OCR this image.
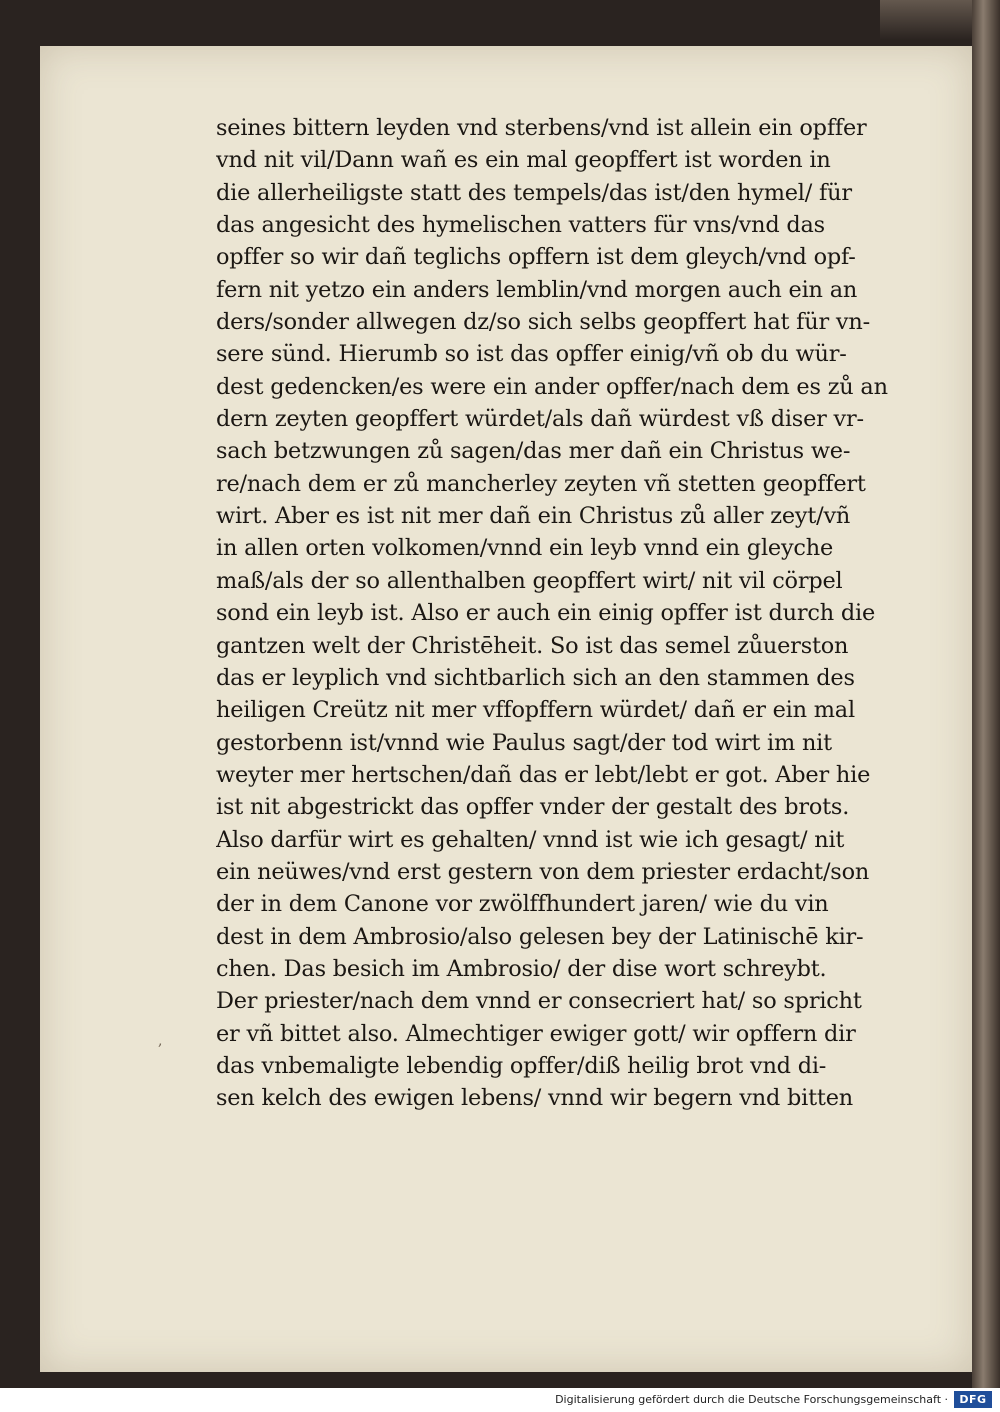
,
seines bittern leyden vnd sterbens/vnd ist allein ein opffer
vnd nit vil/Dann wañ es ein mal geopffert ist worden in
die allerheiligste statt des tempels/das ist/den hymel/ für
das angesicht des hymelischen vatters für vns/vnd das
opffer so wir dañ teglichs opffern ist dem gleych/vnd opf-
fern nit yetzo ein anders lemblin/vnd morgen auch ein an
ders/sonder allwegen dz/so sich selbs geopffert hat für vn-
sere sünd. Hierumb so ist das opffer einig/vñ ob du wür-
dest gedencken/es were ein ander opffer/nach dem es zů an
dern zeyten geopffert würdet/als dañ würdest vß diser vr-
sach betzwungen zů sagen/das mer dañ ein Christus we-
re/nach dem er zů mancherley zeyten vñ stetten geopffert
wirt. Aber es ist nit mer dañ ein Christus zů aller zeyt/vñ
in allen orten volkomen/vnnd ein leyb vnnd ein gleyche
maß/als der so allenthalben geopffert wirt/ nit vil cörpel
sond ein leyb ist. Also er auch ein einig opffer ist durch die
gantzen welt der Christēheit. So ist das semel zůuerston
das er leyplich vnd sichtbarlich sich an den stammen des
heiligen Creütz nit mer vffopffern würdet/ dañ er ein mal
gestorbenn ist/vnnd wie Paulus sagt/der tod wirt im nit
weyter mer hertschen/dañ das er lebt/lebt er got. Aber hie
ist nit abgestrickt das opffer vnder der gestalt des brots.
Also darfür wirt es gehalten/ vnnd ist wie ich gesagt/ nit
ein neüwes/vnd erst gestern von dem priester erdacht/son
der in dem Canone vor zwölffhundert jaren/ wie du vin
dest in dem Ambrosio/also gelesen bey der Latinischē kir-
chen. Das besich im Ambrosio/ der dise wort schreybt.
Der priester/nach dem vnnd er consecriert hat/ so spricht
er vñ bittet also. Almechtiger ewiger gott/ wir opffern dir
das vnbemaligte lebendig opffer/diß heilig brot vnd di-
sen kelch des ewigen lebens/ vnnd wir begern vnd bitten
Digitalisierung gefördert durch die Deutsche Forschungsgemeinschaft ·	DFG
